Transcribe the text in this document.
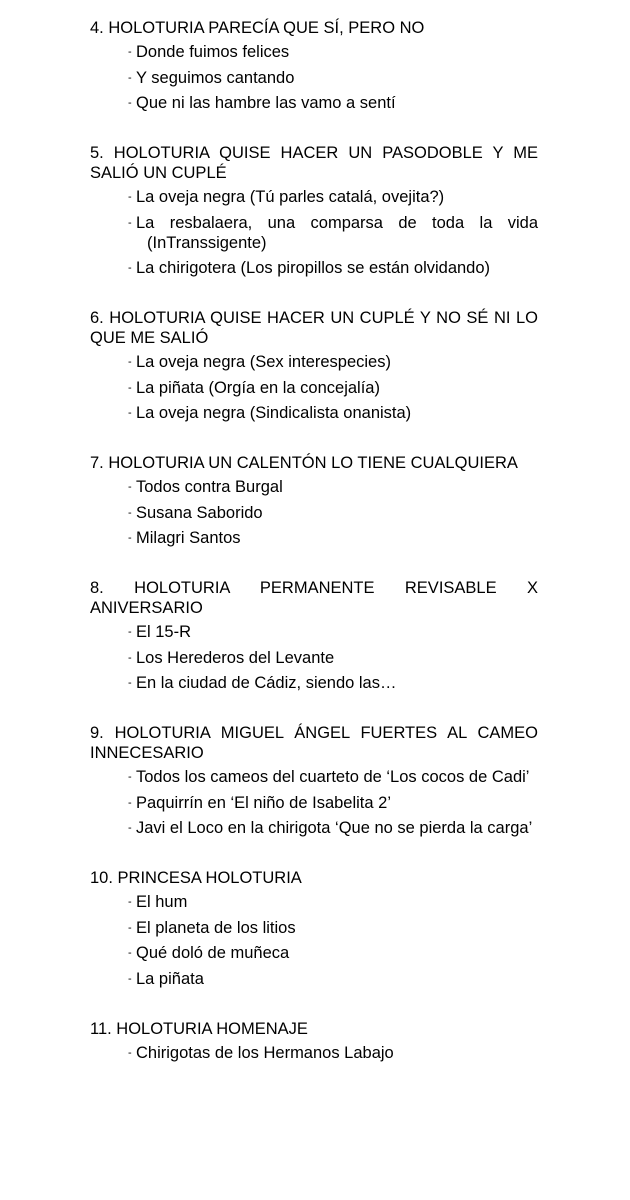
4. HOLOTURIA PARECÍA QUE SÍ, PERO NO
- Donde fuimos felices
- Y seguimos cantando
- Que ni las hambre las vamo a sentí
5. HOLOTURIA QUISE HACER UN PASODOBLE Y ME SALIÓ UN CUPLÉ
- La oveja negra (Tú parles catalá, ovejita?)
- La resbalaera, una comparsa de toda la vida (InTranssigente)
- La chirigotera (Los piropillos se están olvidando)
6. HOLOTURIA QUISE HACER UN CUPLÉ Y NO SÉ NI LO QUE ME SALIÓ
- La oveja negra (Sex interespecies)
- La piñata (Orgía en la concejalía)
- La oveja negra (Sindicalista onanista)
7. HOLOTURIA UN CALENTÓN LO TIENE CUALQUIERA
- Todos contra Burgal
- Susana Saborido
- Milagri Santos
8. HOLOTURIA PERMANENTE REVISABLE X ANIVERSARIO
- El 15-R
- Los Herederos del Levante
- En la ciudad de Cádiz, siendo las…
9. HOLOTURIA MIGUEL ÁNGEL FUERTES AL CAMEO INNECESARIO
- Todos los cameos del cuarteto de ‘Los cocos de Cadi’
- Paquirrín en ‘El niño de Isabelita 2’
- Javi el Loco en la chirigota ‘Que no se pierda la carga’
10. PRINCESA HOLOTURIA
- El hum
- El planeta de los litios
- Qué doló de muñeca
- La piñata
11. HOLOTURIA HOMENAJE
- Chirigotas de los Hermanos Labajo
